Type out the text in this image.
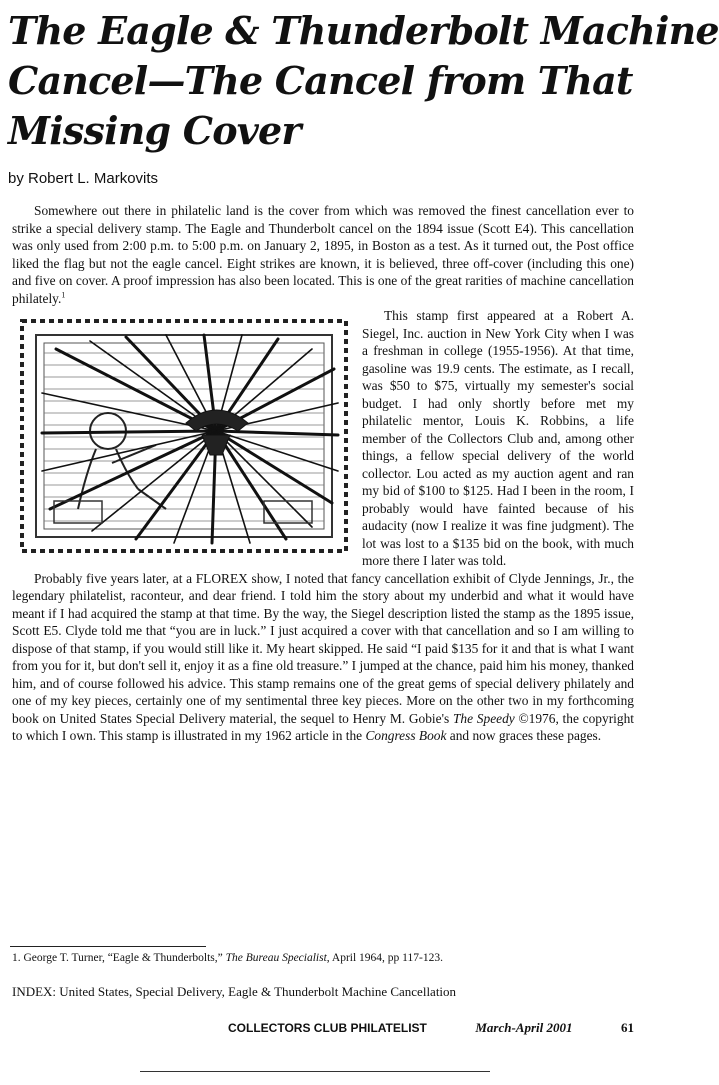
The Eagle & Thunderbolt Machine
Cancel—The Cancel from That
Missing Cover
by Robert L. Markovits

Somewhere out there in philatelic land is the cover from which was removed the finest cancellation ever to strike a special delivery stamp. The Eagle and Thunderbolt cancel on the 1894 issue (Scott E4). This cancellation was only used from 2:00 p.m. to 5:00 p.m. on January 2, 1895, in Boston as a test. As it turned out, the Post office liked the flag but not the eagle cancel. Eight strikes are known, it is believed, three off-cover (including this one) and five on cover. A proof impression has also been located. This is one of the great rarities of machine cancellation philately.$^1$

This stamp first appeared at a Robert A. Siegel, Inc. auction in New York City when I was a freshman in college (1955-1956). At that time, gasoline was 19.9 cents. The estimate, as I recall, was $50 to $75, virtually my semester's social budget. I had only shortly before met my philatelic mentor, Louis K. Robbins, a life member of the Collectors Club and, among other things, a fellow special delivery of the world collector. Lou acted as my auction agent and ran my bid of $100 to $125. Had I been in the room, I probably would have fainted because of his audacity (now I realize it was fine judgment). The lot was lost to a $135 bid on the book, with much more there I later was told.

Probably five years later, at a FLOREX show, I noted that fancy cancellation exhibit of Clyde Jennings, Jr., the legendary philatelist, raconteur, and dear friend. I told him the story about my underbid and what it would have meant if I had acquired the stamp at that time. By the way, the Siegel description listed the stamp as the 1895 issue, Scott E5. Clyde told me that “you are in luck.” I just acquired a cover with that cancellation and so I am willing to dispose of that stamp, if you would still like it. My heart skipped. He said “I paid $135 for it and that is what I want from you for it, but don't sell it, enjoy it as a fine old treasure.” I jumped at the chance, paid him his money, thanked him, and of course followed his advice. This stamp remains one of the great gems of special delivery philately and one of my key pieces, certainly one of my sentimental three key pieces. More on the other two in my forthcoming book on United States Special Delivery material, the sequel to Henry M. Gobie's The Speedy ©1976, the copyright to which I own. This stamp is illustrated in my 1962 article in the Congress Book and now graces these pages.

1. George T. Turner, “Eagle & Thunderbolts,” The Bureau Specialist, April 1964, pp 117-123.
INDEX: United States, Special Delivery, Eagle & Thunderbolt Machine Cancellation
COLLECTORS CLUB PHILATELIST	March-April 2001	61
